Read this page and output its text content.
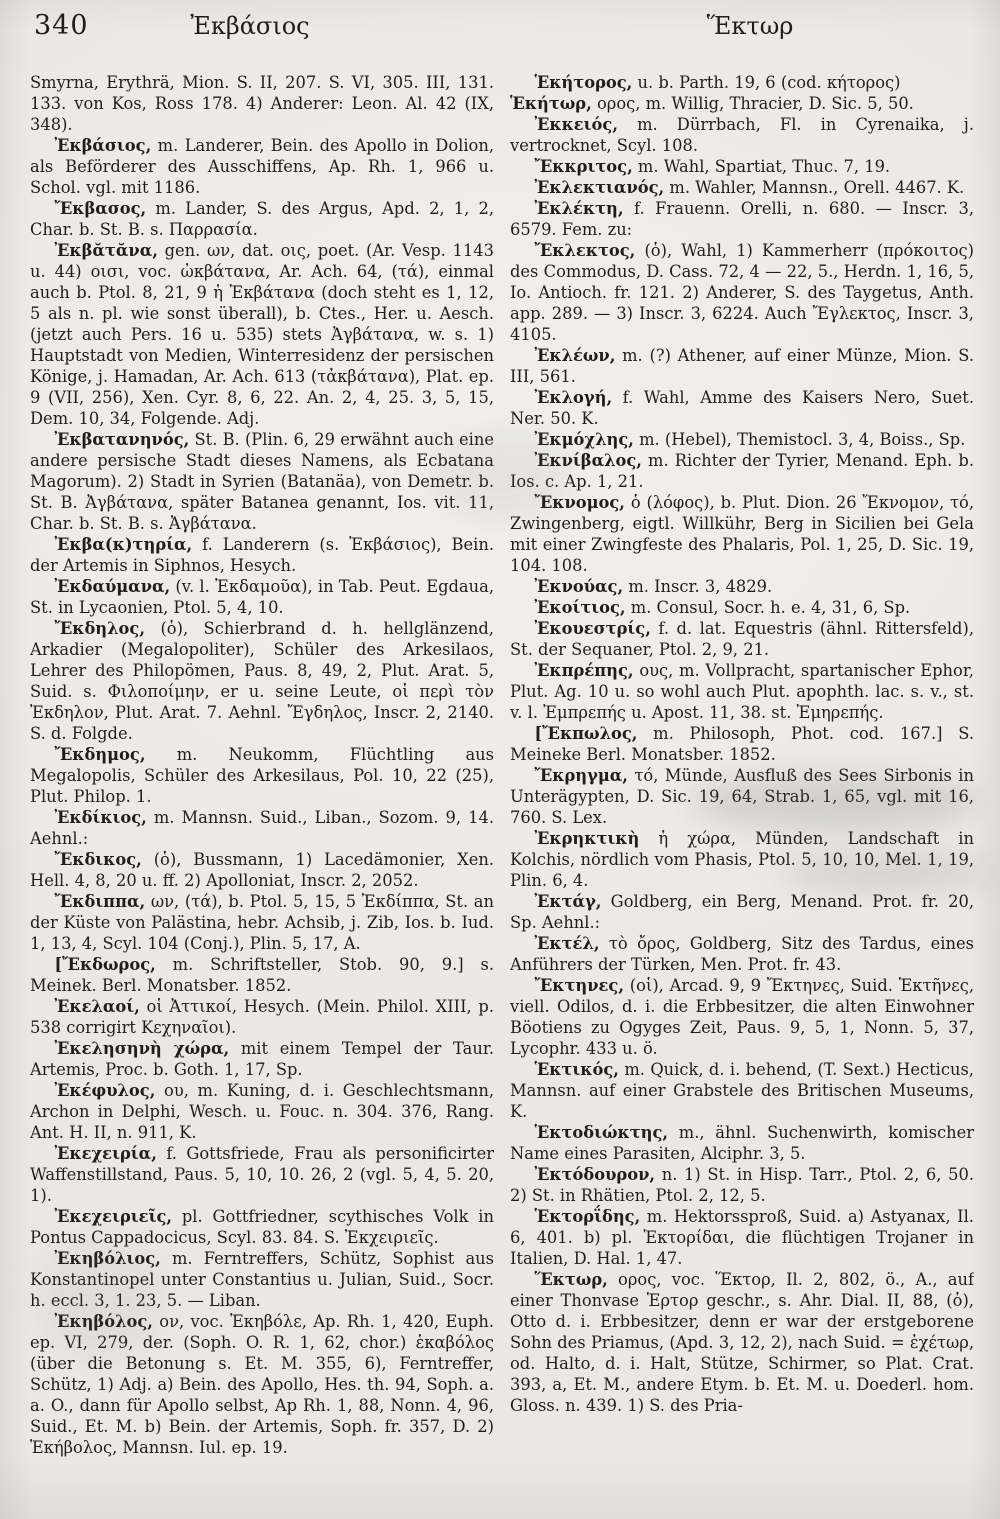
340	Ἐκβάσιος	Ἕκτωρ

Smyrna, Erythrä, Mion. S. II, 207. S. VI, 305. III, 131. 133. von Kos, Ross 178. 4) Anderer: Leon. Al. 42 (IX, 348).

Ἐκβάσιος, m. Landerer, Bein. des Apollo in Dolion, als Beförderer des Ausschiffens, Ap. Rh. 1, 966 u. Schol. vgl. mit 1186.

Ἔκβασος, m. Lander, S. des Argus, Apd. 2, 1, 2, Char. b. St. B. s. Παρρασία.

Ἐκβᾰτᾰνα, gen. ων, dat. οις, poet. (Ar. Vesp. 1143 u. 44) οισι, voc. ὠκβάτανα, Ar. Ach. 64, (τά), einmal auch b. Ptol. 8, 21, 9 ἡ Ἐκβάτανα (doch steht es 1, 12, 5 als n. pl. wie sonst überall), b. Ctes., Her. u. Aesch. (jetzt auch Pers. 16 u. 535) stets Ἀγβάτανα, w. s. 1) Hauptstadt von Medien, Winterresidenz der persischen Könige, j. Hamadan, Ar. Ach. 613 (τἀκβάτανα), Plat. ep. 9 (VII, 256), Xen. Cyr. 8, 6, 22. An. 2, 4, 25. 3, 5, 15, Dem. 10, 34, Folgende. Adj.

Ἐκβατανηνός, St. B. (Plin. 6, 29 erwähnt auch eine andere persische Stadt dieses Namens, als Ecbatana Magorum). 2) Stadt in Syrien (Batanäa), von Demetr. b. St. B. Ἀγβάτανα, später Batanea genannt, Ios. vit. 11, Char. b. St. B. s. Ἀγβάτανα.

Ἐκβα(κ)τηρία, f. Landerern (s. Ἐκβάσιος), Bein. der Artemis in Siphnos, Hesych.

Ἐκδαύμανα, (v. l. Ἐκδαμοῦα), in Tab. Peut. Egdaua, St. in Lycaonien, Ptol. 5, 4, 10.

Ἔκδηλος, (ὁ), Schierbrand d. h. hellglänzend, Arkadier (Megalopoliter), Schüler des Arkesilaos, Lehrer des Philopömen, Paus. 8, 49, 2, Plut. Arat. 5, Suid. s. Φιλοποίμην, er u. seine Leute, οἱ περὶ τὸν Ἐκδηλον, Plut. Arat. 7. Aehnl. Ἔγδηλος, Inscr. 2, 2140. S. d. Folgde.

Ἔκδημος, m. Neukomm, Flüchtling aus Megalopolis, Schüler des Arkesilaus, Pol. 10, 22 (25), Plut. Philop. 1.

Ἐκδίκιος, m. Mannsn. Suid., Liban., Sozom. 9, 14. Aehnl.:

Ἔκδικος, (ὁ), Bussmann, 1) Lacedämonier, Xen. Hell. 4, 8, 20 u. ff. 2) Apolloniat, Inscr. 2, 2052.

Ἔκδιππα, ων, (τά), b. Ptol. 5, 15, 5 Ἐκδίππα, St. an der Küste von Palästina, hebr. Achsib, j. Zib, Ios. b. Iud. 1, 13, 4, Scyl. 104 (Conj.), Plin. 5, 17, A.

[Ἔκδωρος, m. Schriftsteller, Stob. 90, 9.] s. Meinek. Berl. Monatsber. 1852.

Ἐκελαοί, οἱ Ἀττικοί, Hesych. (Mein. Philol. XIII, p. 538 corrigirt Κεχηναῖοι).

Ἐκελησηνὴ χώρα, mit einem Tempel der Taur. Artemis, Proc. b. Goth. 1, 17, Sp.

Ἐκέφυλος, ου, m. Kuning, d. i. Geschlechtsmann, Archon in Delphi, Wesch. u. Fouc. n. 304. 376, Rang. Ant. H. II, n. 911, K.

Ἐκεχειρία, f. Gottsfriede, Frau als personificirter Waffenstillstand, Paus. 5, 10, 10. 26, 2 (vgl. 5, 4, 5. 20, 1).

Ἐκεχειριεῖς, pl. Gottfriedner, scythisches Volk in Pontus Cappadocicus, Scyl. 83. 84. S. Ἐκχειριεῖς.

Ἐκηβόλιος, m. Ferntreffers, Schütz, Sophist aus Konstantinopel unter Constantius u. Julian, Suid., Socr. h. eccl. 3, 1. 23, 5. — Liban.

Ἐκηβόλος, ον, voc. Ἑκηβόλε, Ap. Rh. 1, 420, Euph. ep. VI, 279, der. (Soph. O. R. 1, 62, chor.) ἑκαβόλος (über die Betonung s. Et. M. 355, 6), Ferntreffer, Schütz, 1) Adj. a) Bein. des Apollo, Hes. th. 94, Soph. a. a. O., dann für Apollo selbst, Ap Rh. 1, 88, Nonn. 4, 96, Suid., Et. M. b) Bein. der Artemis, Soph. fr. 357, D. 2) Ἑκήβολος, Mannsn. Iul. ep. 19.

Ἑκήτορος, u. b. Parth. 19, 6 (cod. κήτορος)

Ἑκήτωρ, ορος, m. Willig, Thracier, D. Sic. 5, 50.

Ἐκκειός, m. Dürrbach, Fl. in Cyrenaika, j. vertrocknet, Scyl. 108.

Ἔκκριτος, m. Wahl, Spartiat, Thuc. 7, 19.

Ἐκλεκτιανός, m. Wahler, Mannsn., Orell. 4467. K.

Ἐκλέκτη, f. Frauenn. Orelli, n. 680. — Inscr. 3, 6579. Fem. zu:

Ἔκλεκτος, (ὁ), Wahl, 1) Kammerherr (πρόκοιτος) des Commodus, D. Cass. 72, 4 — 22, 5., Herdn. 1, 16, 5, Io. Antioch. fr. 121. 2) Anderer, S. des Taygetus, Anth. app. 289. — 3) Inscr. 3, 6224. Auch Ἔγλεκτος, Inscr. 3, 4105.

Ἐκλέων, m. (?) Athener, auf einer Münze, Mion. S. III, 561.

Ἐκλογή, f. Wahl, Amme des Kaisers Nero, Suet. Ner. 50. K.

Ἐκμόχλης, m. (Hebel), Themistocl. 3, 4, Boiss., Sp.

Ἐκνίβαλος, m. Richter der Tyrier, Menand. Eph. b. Ios. c. Ap. 1, 21.

Ἔκνομος, ὁ (λόφος), b. Plut. Dion. 26 Ἔκνομον, τό, Zwingenberg, eigtl. Willkühr, Berg in Sicilien bei Gela mit einer Zwingfeste des Phalaris, Pol. 1, 25, D. Sic. 19, 104. 108.

Ἐκνούας, m. Inscr. 3, 4829.

Ἐκοίτιος, m. Consul, Socr. h. e. 4, 31, 6, Sp.

Ἐκουεστρίς, f. d. lat. Equestris (ähnl. Rittersfeld), St. der Sequaner, Ptol. 2, 9, 21.

Ἐκπρέπης, ους, m. Vollpracht, spartanischer Ephor, Plut. Ag. 10 u. so wohl auch Plut. apophth. lac. s. v., st. v. l. Ἐμπρεπής u. Apost. 11, 38. st. Ἐμηρεπής.

[Ἔκπωλος, m. Philosoph, Phot. cod. 167.] S. Meineke Berl. Monatsber. 1852.

Ἔκρηγμα, τό, Münde, Ausfluß des Sees Sirbonis in Unterägypten, D. Sic. 19, 64, Strab. 1, 65, vgl. mit 16, 760. S. Lex.

Ἐκρηκτικὴ ἡ χώρα, Münden, Landschaft in Kolchis, nördlich vom Phasis, Ptol. 5, 10, 10, Mel. 1, 19, Plin. 6, 4.

Ἐκτάγ, Goldberg, ein Berg, Menand. Prot. fr. 20, Sp. Aehnl.:

Ἐκτέλ, τὸ ὄρος, Goldberg, Sitz des Tardus, eines Anführers der Türken, Men. Prot. fr. 43.

Ἔκτηνες, (οἱ), Arcad. 9, 9 Ἔκτηνες, Suid. Ἑκτῆνες, viell. Odilos, d. i. die Erbbesitzer, die alten Einwohner Böotiens zu Ogyges Zeit, Paus. 9, 5, 1, Nonn. 5, 37, Lycophr. 433 u. ö.

Ἑκτικός, m. Quick, d. i. behend, (T. Sext.) Hecticus, Mannsn. auf einer Grabstele des Britischen Museums, K.

Ἑκτοδιώκτης, m., ähnl. Suchenwirth, komischer Name eines Parasiten, Alciphr. 3, 5.

Ἐκτόδουρον, n. 1) St. in Hisp. Tarr., Ptol. 2, 6, 50. 2) St. in Rhätien, Ptol. 2, 12, 5.

Ἑκτορΐδης, m. Hektorssproß, Suid. a) Astyanax, Il. 6, 401. b) pl. Ἑκτορίδαι, die flüchtigen Trojaner in Italien, D. Hal. 1, 47.

Ἕκτωρ, ορος, voc. Ἕκτορ, Il. 2, 802, ö., A., auf einer Thonvase Ἑρτορ geschr., s. Ahr. Dial. II, 88, (ὁ), Otto d. i. Erbbesitzer, denn er war der erstgeborene Sohn des Priamus, (Apd. 3, 12, 2), nach Suid. = ἐχέτωρ, od. Halto, d. i. Halt, Stütze, Schirmer, so Plat. Crat. 393, a, Et. M., andere Etym. b. Et. M. u. Doederl. hom. Gloss. n. 439. 1) S. des Pria-
